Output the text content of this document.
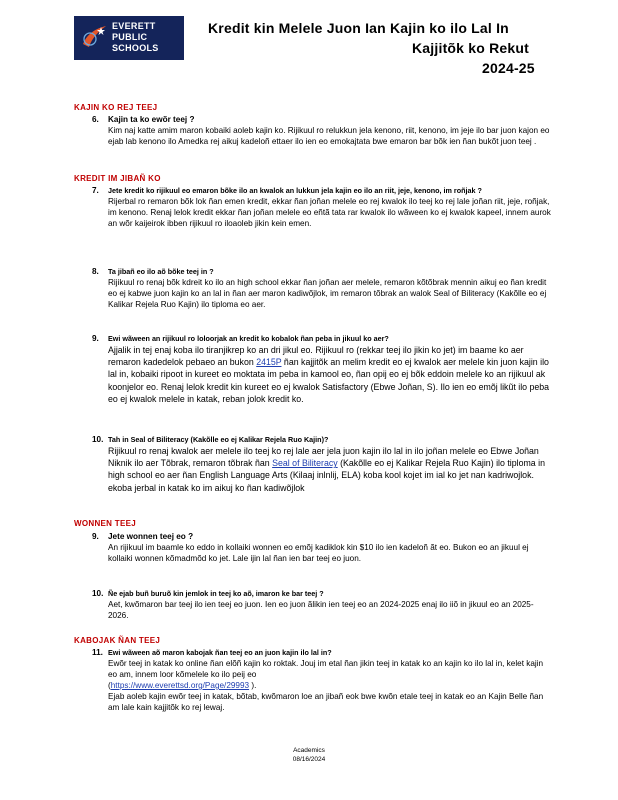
EVERETT
PUBLIC
SCHOOLS
Kredit kin Melele Juon Ian Kajin ko ilo Lal In
Kajjitõk ko Rekut
2024-25
KAJIN KO REJ TEEJ
6. Kajin ta ko ewõr teej ?
Kim naj katte amim maron kobaiki aoleb kajin ko. Rijikuul ro relukkun jela kenono, riit, kenono, im jeje ilo bar juon kajon eo ejab lab kenono ilo Amedka rej aikuj kadeloñ ettaer ilo ien eo emokajtata bwe emaron bar bõk ien ñan bukõt juon teej .
KREDIT IM JIBAÑ KO
7. Jete kredit ko rijikuul eo emaron bõke ilo an kwalok an lukkun jela kajin eo ilo an riit, jeje, kenono, im roñjak ?
Rijerbal ro remaron bõk lok ñan emen kredit, ekkar ñan joñan melele eo rej kwalok ilo teej ko rej lale joñan riit, jeje, roñjak, im kenono. Renaj lelok kredit ekkar ñan joñan melele eo eñtã tata rar kwalok ilo wãween ko ej kwalok kapeel, innem aurok an wõr kaijeirok ibben rijikuul ro iloaoleb jikin kein emen.
8. Ta jibañ eo ilo aõ bõke teej in ?
Rijikuul ro renaj bõk kdreit ko ilo an high school ekkar ñan joñan aer melele, remaron kõtõbrak mennin aikuj eo ñan kredit eo ej kabwe juon kajin ko an lal in ñan aer maron kadiwõjlok, im remaron tõbrak an walok Seal of Biliteracy (Kakõlle eo ej Kalikar Rejela Ruo Kajin) ilo tiploma eo aer.
9. Ewi wãween an rijikuul ro loloorjak an kredit ko kobalok ñan peba in jikuul ko aer?
Ajjalik in tej enaj koba ilo tiranjikrep ko an dri jikul eo. Rijikuul ro (rekkar teej ilo jikin ko jet) im baame ko aer remaron kadedelok pebaeo an bukon 2415P ñan kajjitõk an melim kredit eo ej kwalok aer melele kin juon kajin ilo lal in, kobaiki ripoot in kureet eo moktata im peba in kamool eo, ñan opij eo ej bõk eddoin melele ko an rijikuul ak koonjelor eo. Renaj lelok kredit kin kureet eo ej kwalok Satisfactory (Ebwe Joñan, S). Ilo ien eo emõj likũt ilo peba eo ej kwalok melele in katak, reban jolok kredit ko.
10. Tah in Seal of Biliteracy (Kakõlle eo ej Kalikar Rejela Ruo Kajin)?
Rijikuul ro renaj kwalok aer melele ilo teej ko rej lale aer jela juon kajin ilo lal in ilo joñan melele eo Ebwe Joñan Niknik ilo aer Tõbrak, remaron tõbrak ñan Seal of Biliteracy (Kakõlle eo ej Kalikar Rejela Ruo Kajin) ilo tiploma in high school eo aer ñan English Language Arts (Kilaaj inlnlij, ELA) koba kool kojet im ial ko jet nan kadriwojlok. ekoba jerbal in katak ko im aikuj ko ñan kadiwõjlok
WONNEN TEEJ
9. Jete wonnen teej eo ?
An rijikuul im baamle ko eddo in kollaiki wonnen eo emõj kadiklok kin $10 ilo ien kadeloñ ãt eo. Bukon eo an jikuul ej kollaiki wonnen kõmadmõd ko jet. Lale ijin lal ñan ien bar teej eo juon.
10. Ñe ejab buñ buruõ kin jemlok in teej ko aõ, imaron ke bar teej ?
Aet, kwõmaron bar teej ilo ien teej eo juon. Ien eo juon ãlikin ien teej eo an 2024-2025 enaj ilo iiõ in jikuul eo an 2025-2026.
KABOJAK ÑAN TEEJ
11. Ewi wãween aõ maron kabojak ñan teej eo an juon kajin ilo lal in?
Ewõr teej in katak ko online ñan elõñ kajin ko roktak. Jouj im etal ñan jikin teej in katak ko an kajin ko ilo lal in, kelet kajin eo am, innem loor kõmelele ko ilo peij eo
(https://www.everettsd.org/Page/29993 ).
Ejab aoleb kajin ewõr teej in katak, bõtab, kwõmaron loe an jibañ eok bwe kwõn etale teej in katak eo an Kajin Belle ñan am lale kain kajjitõk ko rej lewaj.
Academics
08/16/2024
